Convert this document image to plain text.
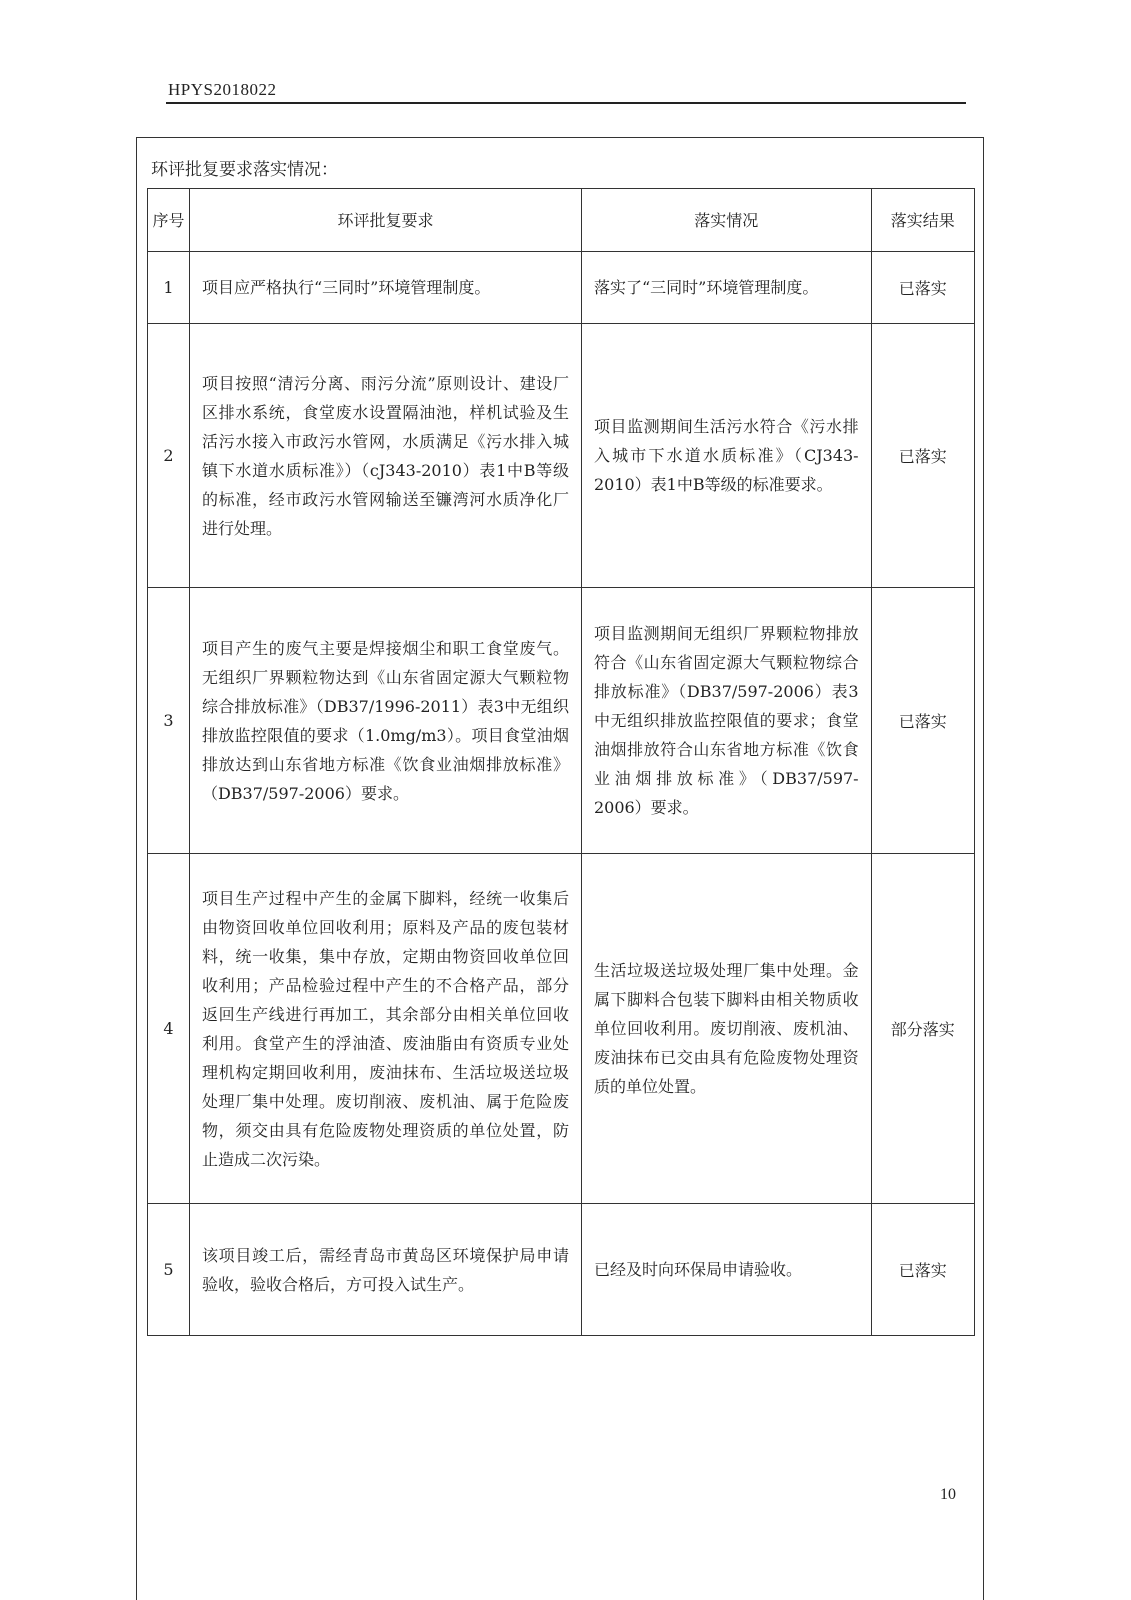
HPYS2018022
环评批复要求落实情况：
序号	环评批复要求	落实情况	落实结果
1	项目应严格执行“三同时”环境管理制度。	落实了“三同时”环境管理制度。	已落实
2	项目按照“清污分离、雨污分流”原则设计、建设厂区排水系统，食堂废水设置隔油池，样机试验及生活污水接入市政污水管网，水质满足《污水排入城镇下水道水质标准》）（cJ343-2010）表1中B等级的标准，经市政污水管网输送至镰湾河水质净化厂进行处理。	项目监测期间生活污水符合《污水排入城市下水道水质标准》（CJ343-2010）表1中B等级的标准要求。	已落实
3	项目产生的废气主要是焊接烟尘和职工食堂废气。无组织厂界颗粒物达到《山东省固定源大气颗粒物综合排放标准》（DB37/1996-2011）表3中无组织排放监控限值的要求（1.0mg/m3）。项目食堂油烟排放达到山东省地方标准《饮食业油烟排放标准》（DB37/597-2006）要求。	项目监测期间无组织厂界颗粒物排放符合《山东省固定源大气颗粒物综合排放标准》（DB37/597-2006）表3中无组织排放监控限值的要求；食堂油烟排放符合山东省地方标准《饮食业油烟排放标准》（DB37/597-2006）要求。	已落实
4	项目生产过程中产生的金属下脚料，经统一收集后由物资回收单位回收利用；原料及产品的废包装材料，统一收集，集中存放，定期由物资回收单位回收利用；产品检验过程中产生的不合格产品，部分返回生产线进行再加工，其余部分由相关单位回收利用。食堂产生的浮油渣、废油脂由有资质专业处理机构定期回收利用，废油抹布、生活垃圾送垃圾处理厂集中处理。废切削液、废机油、属于危险废物，须交由具有危险废物处理资质的单位处置，防止造成二次污染。	生活垃圾送垃圾处理厂集中处理。金属下脚料合包装下脚料由相关物质收单位回收利用。废切削液、废机油、废油抹布已交由具有危险废物处理资质的单位处置。	部分落实
5	该项目竣工后，需经青岛市黄岛区环境保护局申请验收，验收合格后，方可投入试生产。	已经及时向环保局申请验收。	已落实
10
